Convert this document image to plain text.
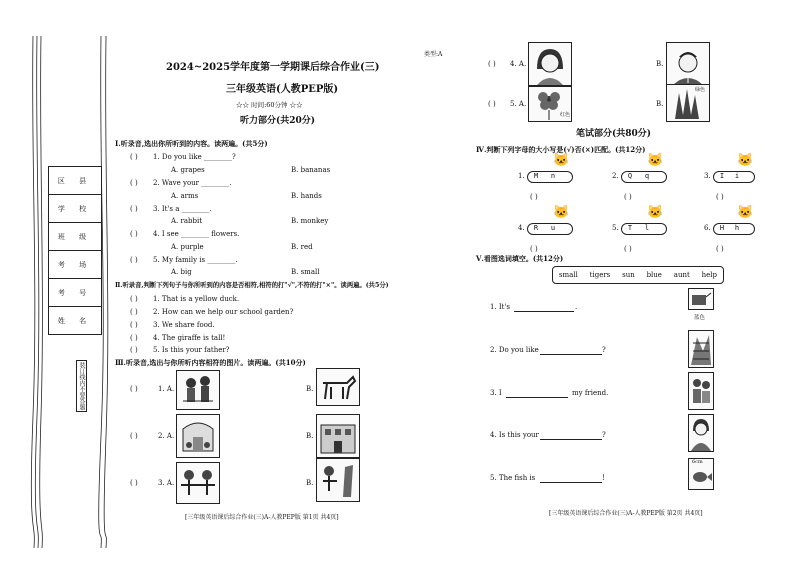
区 县
学 校
班 级
考 场
考 号
姓 名
装订线内不要答题
类型:A
2024~2025学年度第一学期课后综合作业(三)
三年级英语(人教PEP版)
☆☆ 时间:60分钟 ☆☆
听力部分(共20分)
Ⅰ.听录音,选出你所听到的内容。读两遍。(共5分)
( ) 1. Do you like ________?
A. grapes	B. bananas
( ) 2. Wave your ________.
A. arms	B. hands
( ) 3. It's a ________.
A. rabbit	B. monkey
( ) 4. I see ________ flowers.
A. purple	B. red
( ) 5. My family is ________.
A. big	B. small
Ⅱ.听录音,判断下列句子与你所听到的内容是否相符,相符的打"√",不符的打"×"。读两遍。(共5分)
( ) 1. That is a yellow duck.
( ) 2. How can we help our school garden?
( ) 3. We share food.
( ) 4. The giraffe is tall!
( ) 5. Is this your father?
Ⅲ.听录音,选出与你所听内容相符的图片。读两遍。(共10分)
( )	1. A.	B.
( )	2. A.	B.
( )	3. A.	B.
[三年级英语课后综合作业(三)A-人教PEP版 第1页 共4页]
( ) 4. A.	B.
( ) 5. A.
红色
B.
绿色
笔试部分(共80分)
Ⅳ.判断下列字母的大小写是(√)否(×)匹配。(共12分)
1.	M	n
🐱
( )
2.	Q	q
🐱
( )
3.	I	i
🐱
( )
4.	R	u
🐱
( )
5.	T	l
🐱
( )
6.	H	h
🐱
( )
Ⅴ.看图选词填空。(共12分)
small tigers sun blue aunt help
1. It's	.
蓝色
2. Do you like	?
3. I	my friend.
4. Is this your	?
5. The fish is	!
6cm
[三年级英语课后综合作业(三)A-人教PEP版 第2页 共4页]
